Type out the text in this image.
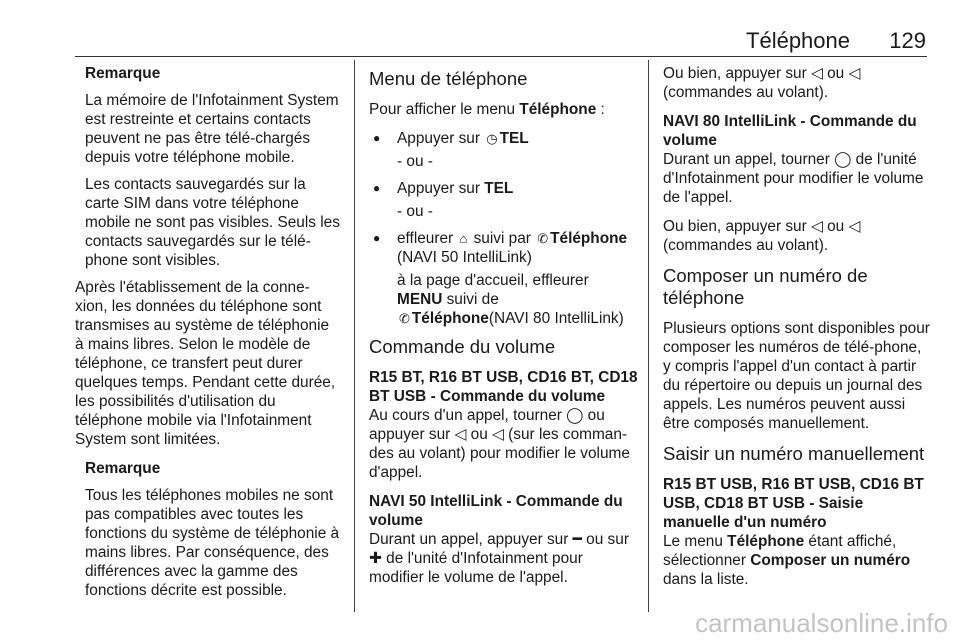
Téléphone 129

Remarque

La mémoire de l'Infotainment System est restreinte et certains contacts peuvent ne pas être télé‐chargés depuis votre téléphone mobile.

Les contacts sauvegardés sur la carte SIM dans votre téléphone mobile ne sont pas visibles. Seuls les contacts sauvegardés sur le télé‐phone sont visibles.

Après l'établissement de la conne‐xion, les données du téléphone sont transmises au système de téléphonie à mains libres. Selon le modèle de téléphone, ce transfert peut durer quelques temps. Pendant cette durée, les possibilités d'utilisation du téléphone mobile via l'Infotainment System sont limitées.

Remarque

Tous les téléphones mobiles ne sont pas compatibles avec toutes les fonctions du système de téléphonie à mains libres. Par conséquence, des différences avec la gamme des fonctions décrite est possible.

Menu de téléphone

Pour afficher le menu Téléphone :

● Appuyer sur ◷ TEL
- ou -
● Appuyer sur TEL
- ou -
● effleurer ⌂ suivi par ✆ Téléphone
(NAVI 50 IntelliLink)
à la page d'accueil, effleurer
MENU suivi de
✆ Téléphone(NAVI 80 IntelliLink)
Commande du volume

R15 BT, R16 BT USB, CD16 BT, CD18 BT USB - Commande du volume

Au cours d'un appel, tourner ◯ ou appuyer sur ◁ ou ◁ (sur les comman‐des au volant) pour modifier le volume d'appel.

NAVI 50 IntelliLink - Commande du volume

Durant un appel, appuyer sur ━ ou sur ✚ de l'unité d'Infotainment pour modifier le volume de l'appel.

Ou bien, appuyer sur ◁ ou ◁ (commandes au volant).

NAVI 80 IntelliLink - Commande du volume

Durant un appel, tourner ◯ de l'unité d'Infotainment pour modifier le volume de l'appel.

Ou bien, appuyer sur ◁ ou ◁ (commandes au volant).

Composer un numéro de téléphone

Plusieurs options sont disponibles pour composer les numéros de télé‐phone, y compris l'appel d'un contact à partir du répertoire ou depuis un journal des appels. Les numéros peuvent aussi être composés manuellement.

Saisir un numéro manuellement

R15 BT USB, R16 BT USB, CD16 BT USB, CD18 BT USB - Saisie manuelle d'un numéro

Le menu Téléphone étant affiché, sélectionner Composer un numéro dans la liste.

carmanualsonline.info
